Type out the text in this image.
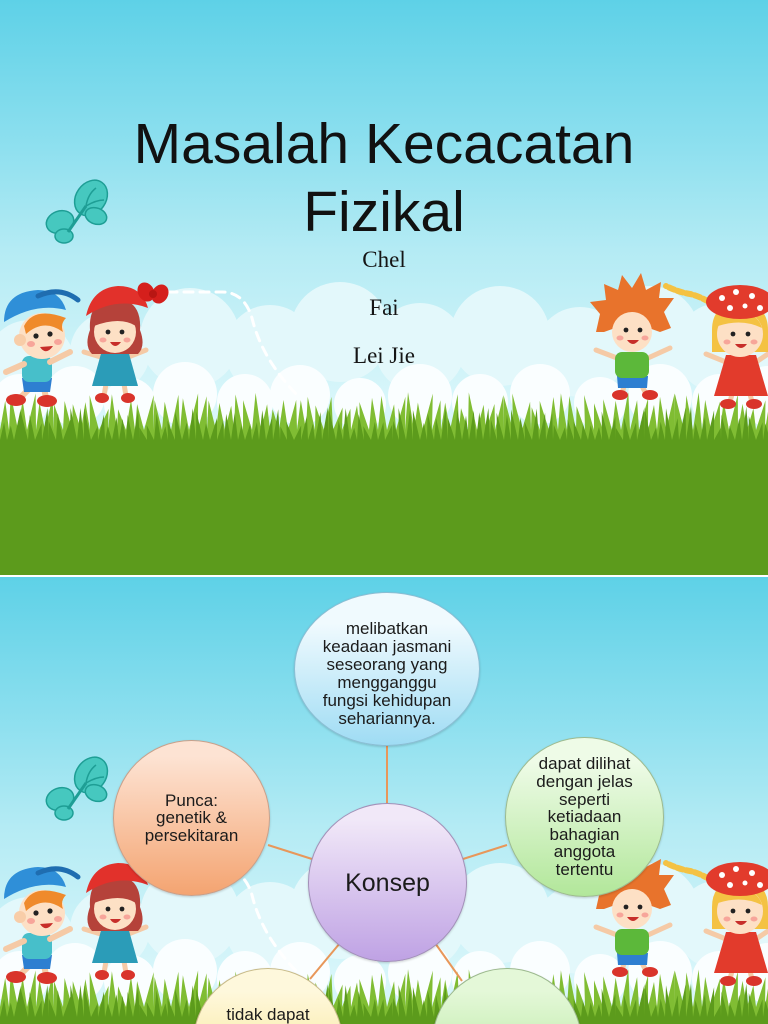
Masalah Kecacatan Fizikal
Chel
Fai
Lei Jie
melibatkan
keadaan jasmani
seseorang yang
mengganggu
fungsi kehidupan
sehariannya.
Punca:
genetik &
persekitaran
dapat dilihat
dengan jelas
seperti
ketiadaan
bahagian
anggota
tertentu
Konsep
tidak dapat
